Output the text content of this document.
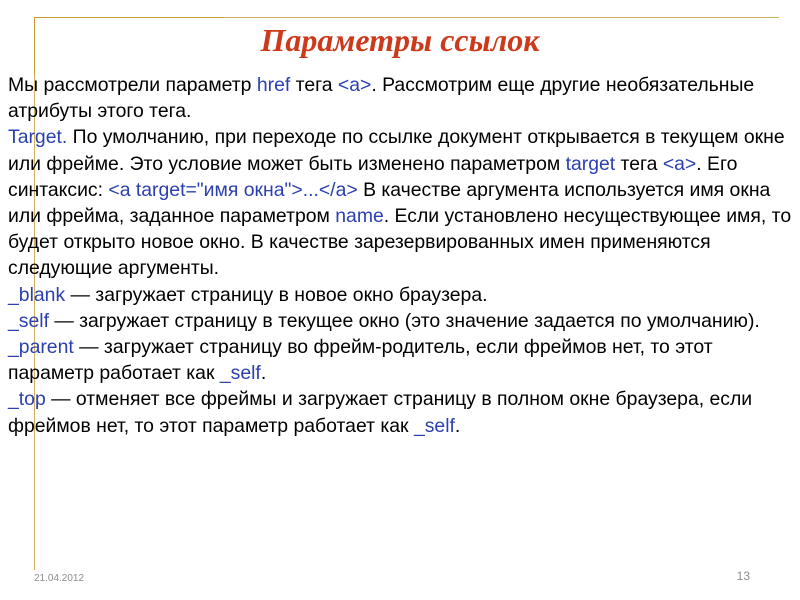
Параметры ссылок

Мы рассмотрели параметр href тега <a>. Рассмотрим еще другие необязательные атрибуты этого тега.

Target. По умолчанию, при переходе по ссылке документ открывается в текущем окне или фрейме. Это условие может быть изменено параметром target тега <a>. Его синтаксис: <a target="имя окна">...</a> В качестве аргумента используется имя окна или фрейма, заданное параметром name. Если установлено несуществующее имя, то будет открыто новое окно. В качестве зарезервированных имен применяются следующие аргументы.

_blank — загружает страницу в новое окно браузера.

_self — загружает страницу в текущее окно (это значение задается по умолчанию).

_parent — загружает страницу во фрейм-родитель, если фреймов нет, то этот параметр работает как _self.

_top — отменяет все фреймы и загружает страницу в полном окне браузера, если фреймов нет, то этот параметр работает как _self.

21.04.2012	13
